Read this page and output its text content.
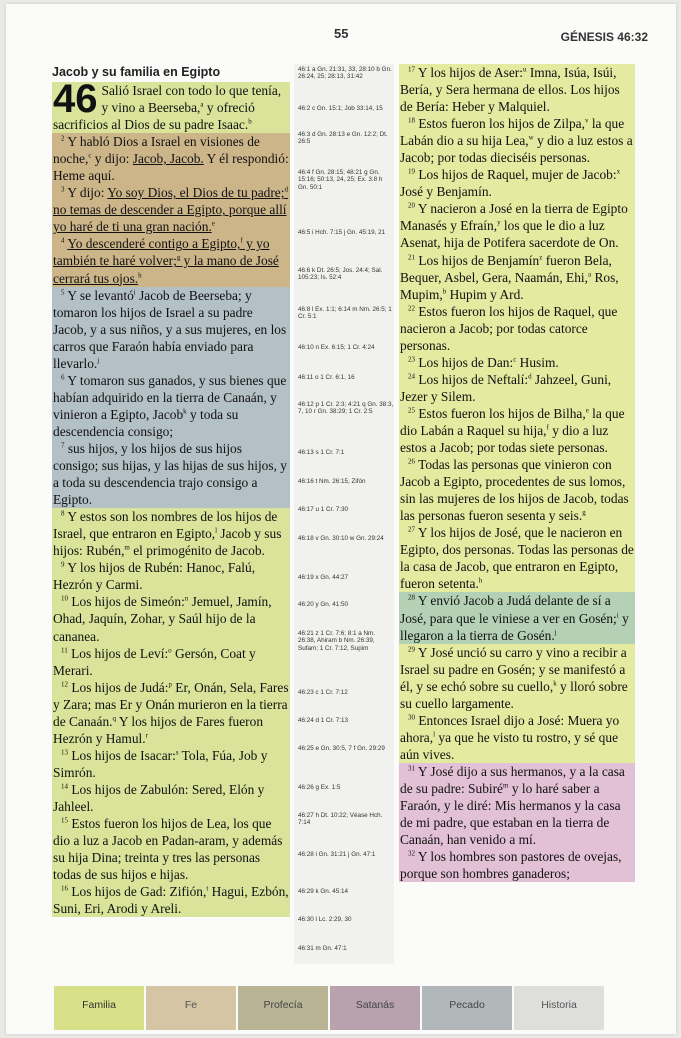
55	GÉNESIS 46:32
Jacob y su familia en Egipto

46 Salió Israel con todo lo que tenía, y vino a Beerseba,$^a$ y ofreció sacrificios al Dios de su padre Isaac.$^b$

$^2$ Y habló Dios a Israel en visiones de noche,$^c$ y dijo: Jacob, Jacob. Y él respondió: Heme aquí.

$^3$ Y dijo: Yo soy Dios, el Dios de tu padre;$^d$ no temas de descender a Egipto, porque allí yo haré de ti una gran nación.$^e$

$^4$ Yo descenderé contigo a Egipto,$^f$ y yo también te haré volver;$^g$ y la mano de José cerrará tus ojos.$^h$

$^5$ Y se levantó$^i$ Jacob de Beerseba; y tomaron los hijos de Israel a su padre Jacob, y a sus niños, y a sus mujeres, en los carros que Faraón había enviado para llevarlo.$^j$

$^6$ Y tomaron sus ganados, y sus bienes que habían adquirido en la tierra de Canaán, y vinieron a Egipto, Jacob$^k$ y toda su descendencia consigo;

$^7$ sus hijos, y los hijos de sus hijos consigo; sus hijas, y las hijas de sus hijos, y a toda su descendencia trajo consigo a Egipto.

$^8$ Y estos son los nombres de los hijos de Israel, que entraron en Egipto,$^l$ Jacob y sus hijos: Rubén,$^m$ el primogénito de Jacob.

$^9$ Y los hijos de Rubén: Hanoc, Falú, Hezrón y Carmi.

$^{10}$ Los hijos de Simeón:$^n$ Jemuel, Jamín, Ohad, Jaquín, Zohar, y Saúl hijo de la cananea.

$^{11}$ Los hijos de Leví:$^o$ Gersón, Coat y Merari.

$^{12}$ Los hijos de Judá:$^p$ Er, Onán, Sela, Fares y Zara; mas Er y Onán murieron en la tierra de Canaán.$^q$ Y los hijos de Fares fueron Hezrón y Hamul.$^r$

$^{13}$ Los hijos de Isacar:$^s$ Tola, Fúa, Job y Simrón.

$^{14}$ Los hijos de Zabulón: Sered, Elón y Jahleel.

$^{15}$ Estos fueron los hijos de Lea, los que dio a luz a Jacob en Padan-aram, y además su hija Dina; treinta y tres las personas todas de sus hijos e hijas.

$^{16}$ Los hijos de Gad: Zifión,$^t$ Hagui, Ezbón, Suni, Eri, Arodi y Areli.

46:1 a Gn. 21:31, 33, 28:10 b Gn. 26:24, 25; 28:13, 31:42
46:2 c Gn. 15:1; Job 33:14, 15
46:3 d Gn. 28:13 e Gn. 12:2; Dt. 26:5
46:4 f Gn. 28:15; 48:21 g Gn. 15:16; 50:13, 24, 25; Ex. 3:8 h Gn. 50:1
46:5 i Hch. 7:15 j Gn. 45:19, 21
46:6 k Dt. 26:5; Jos. 24:4; Sal. 105:23; Is. 52:4
46:8 l Ex. 1:1; 6:14 m Nm. 26:5; 1 Cr. 5:1
46:10 n Ex. 6:15; 1 Cr. 4:24
46:11 o 1 Cr. 6:1, 16
46:12 p 1 Cr. 2:3; 4:21 q Gn. 38:3, 7, 10 r Gn. 38:29; 1 Cr. 2:5
46:13 s 1 Cr. 7:1
46:16 t Nm. 26:15, Zifón
46:17 u 1 Cr. 7:30
46:18 v Gn. 30:10 w Gn. 29:24
46:19 x Gn. 44:27
46:20 y Gn. 41:50
46:21 z 1 Cr. 7:6; 8:1 a Nm. 26:38, Ahiram b Nm. 26:39, Sufam; 1 Cr. 7:12, Supim
46:23 c 1 Cr. 7:12
46:24 d 1 Cr. 7:13
46:25 e Gn. 30:5, 7 f Gn. 29:29
46:26 g Ex. 1:5
46:27 h Dt. 10:22; Véase Hch. 7:14
46:28 i Gn. 31:21 j Gn. 47:1
46:29 k Gn. 45:14
46:30 l Lc. 2:29, 30
46:31 m Gn. 47:1

$^{17}$ Y los hijos de Aser:$^u$ Imna, Isúa, Isúi, Bería, y Sera hermana de ellos. Los hijos de Bería: Heber y Malquiel.

$^{18}$ Estos fueron los hijos de Zilpa,$^v$ la que Labán dio a su hija Lea,$^w$ y dio a luz estos a Jacob; por todas dieciséis personas.

$^{19}$ Los hijos de Raquel, mujer de Jacob:$^x$ José y Benjamín.

$^{20}$ Y nacieron a José en la tierra de Egipto Manasés y Efraín,$^y$ los que le dio a luz Asenat, hija de Potifera sacerdote de On.

$^{21}$ Los hijos de Benjamín$^z$ fueron Bela, Bequer, Asbel, Gera, Naamán, Ehi,$^a$ Ros, Mupim,$^b$ Hupim y Ard.

$^{22}$ Estos fueron los hijos de Raquel, que nacieron a Jacob; por todas catorce personas.

$^{23}$ Los hijos de Dan:$^c$ Husim.

$^{24}$ Los hijos de Neftalí:$^d$ Jahzeel, Guni, Jezer y Silem.

$^{25}$ Estos fueron los hijos de Bilha,$^e$ la que dio Labán a Raquel su hija,$^f$ y dio a luz estos a Jacob; por todas siete personas.

$^{26}$ Todas las personas que vinieron con Jacob a Egipto, procedentes de sus lomos, sin las mujeres de los hijos de Jacob, todas las personas fueron sesenta y seis.$^g$

$^{27}$ Y los hijos de José, que le nacieron en Egipto, dos personas. Todas las personas de la casa de Jacob, que entraron en Egipto, fueron setenta.$^h$

$^{28}$ Y envió Jacob a Judá delante de sí a José, para que le viniese a ver en Gosén;$^i$ y llegaron a la tierra de Gosén.$^j$

$^{29}$ Y José unció su carro y vino a recibir a Israel su padre en Gosén; y se manifestó a él, y se echó sobre su cuello,$^k$ y lloró sobre su cuello largamente.

$^{30}$ Entonces Israel dijo a José: Muera yo ahora,$^l$ ya que he visto tu rostro, y sé que aún vives.

$^{31}$ Y José dijo a sus hermanos, y a la casa de su padre: Subiré$^m$ y lo haré saber a Faraón, y le diré: Mis hermanos y la casa de mi padre, que estaban en la tierra de Canaán, han venido a mí.

$^{32}$ Y los hombres son pastores de ovejas, porque son hombres ganaderos;

Familia	Fe	Profecía	Satanás	Pecado	Historia
